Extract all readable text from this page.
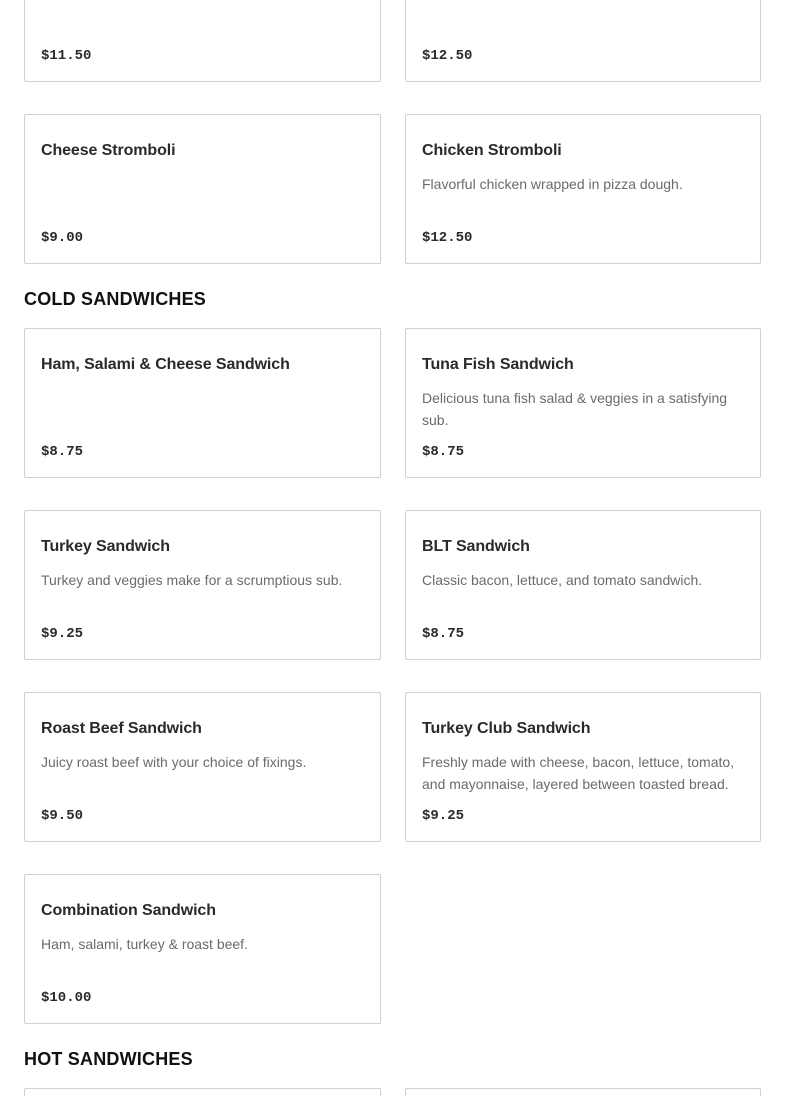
$11.50	$12.50
Cheese Stromboli
$9.00
Chicken Stromboli
Flavorful chicken wrapped in pizza dough.
$12.50
COLD SANDWICHES
Ham, Salami & Cheese Sandwich
$8.75
Tuna Fish Sandwich
Delicious tuna fish salad & veggies in a satisfying sub.
$8.75
Turkey Sandwich
Turkey and veggies make for a scrumptious sub.
$9.25
BLT Sandwich
Classic bacon, lettuce, and tomato sandwich.
$8.75
Roast Beef Sandwich
Juicy roast beef with your choice of fixings.
$9.50
Turkey Club Sandwich
Freshly made with cheese, bacon, lettuce, tomato, and mayonnaise, layered between toasted bread.
$9.25
Combination Sandwich
Ham, salami, turkey & roast beef.
$10.00
HOT SANDWICHES
